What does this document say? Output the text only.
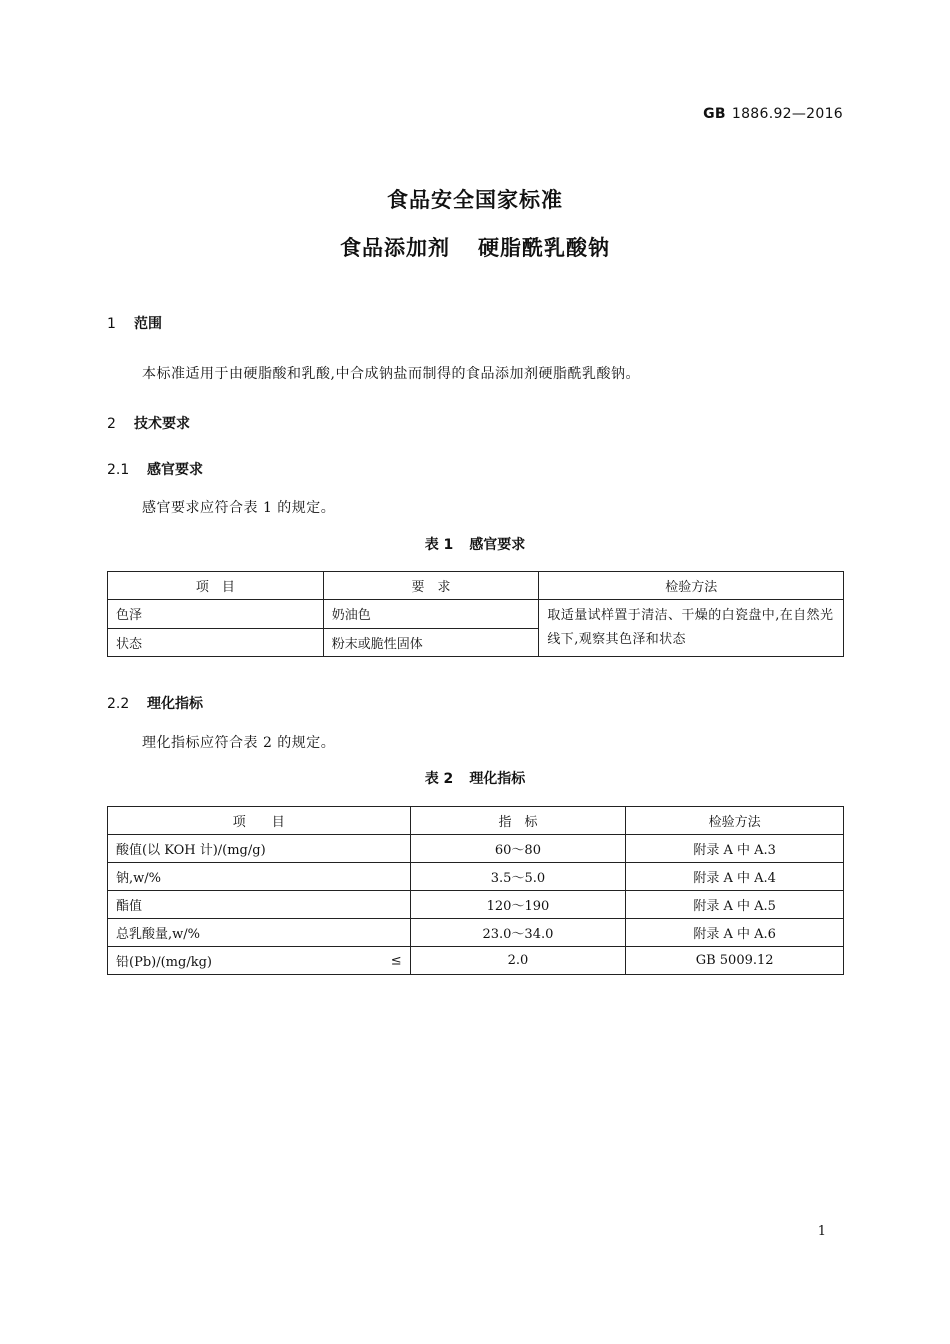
GB 1886.92—2016
食品安全国家标准
食品添加剂 硬脂酰乳酸钠
1 范围
本标准适用于由硬脂酸和乳酸,中合成钠盐而制得的食品添加剂硬脂酰乳酸钠。
2 技术要求
2.1 感官要求
感官要求应符合表 1 的规定。
表 1 感官要求
项　目	要　求	检验方法
色泽	奶油色	取适量试样置于清洁、干燥的白瓷盘中,在自然光线下,观察其色泽和状态
状态	粉末或脆性固体	
2.2 理化指标
理化指标应符合表 2 的规定。
表 2 理化指标
项　　目	指　标	检验方法
酸值(以 KOH 计)/(mg/g)	60～80	附录 A 中 A.3
钠,w/%	3.5～5.0	附录 A 中 A.4
酯值	120～190	附录 A 中 A.5
总乳酸量,w/%	23.0～34.0	附录 A 中 A.6
铅(Pb)/(mg/kg) ≤	2.0	GB 5009.12
1
